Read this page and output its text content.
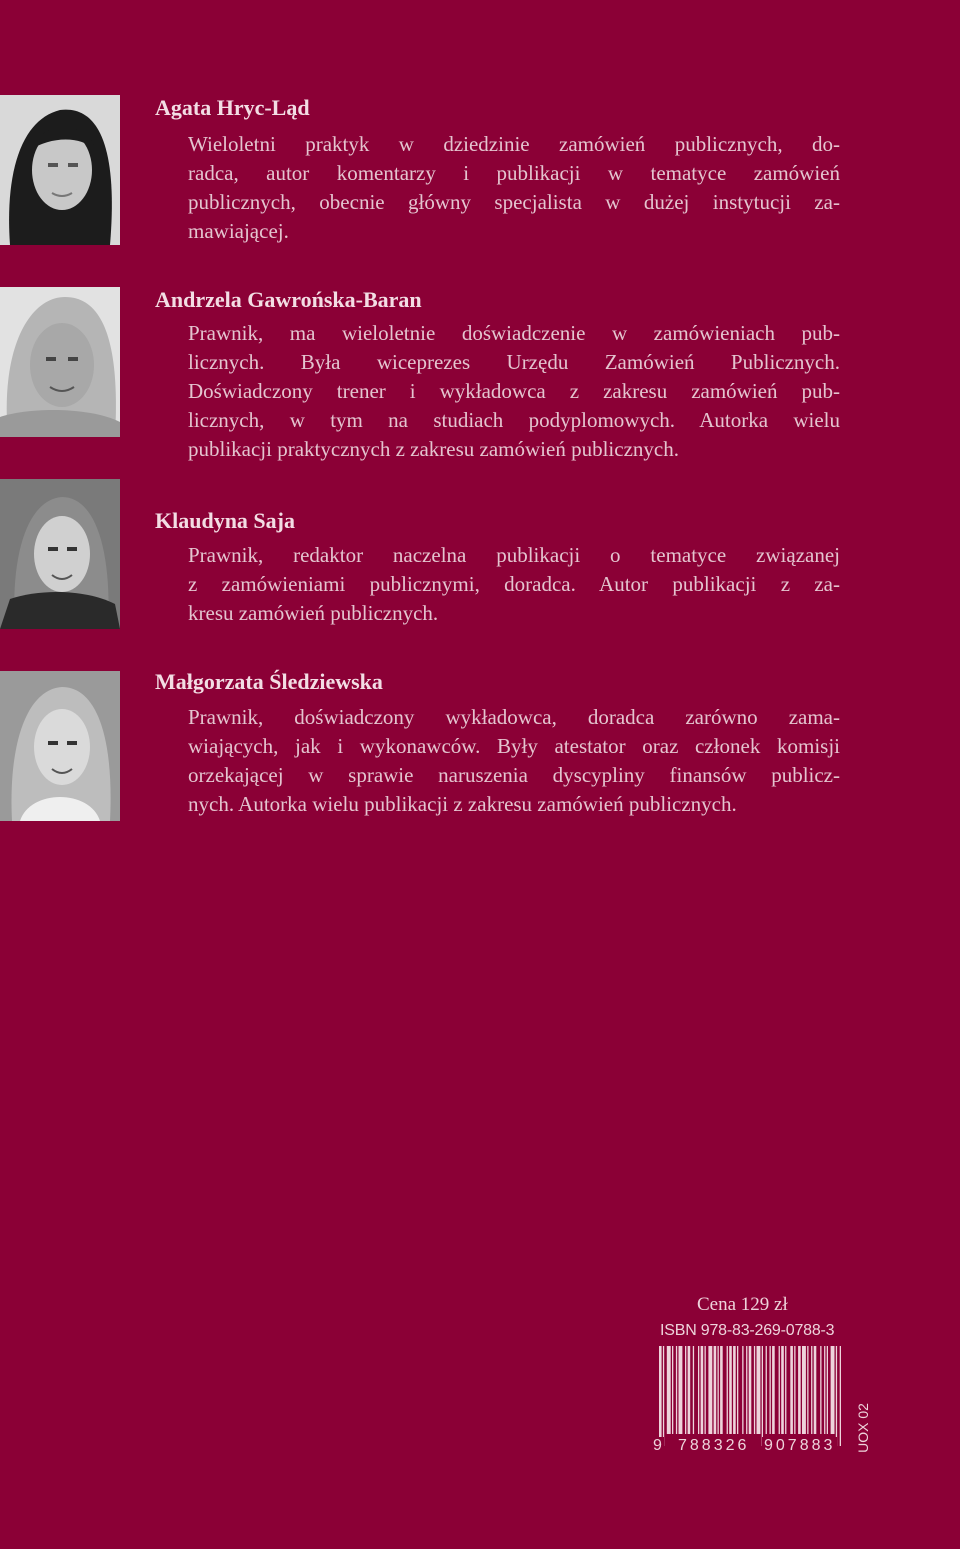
Agata Hryc-Ląd
Wieloletni praktyk w dziedzinie zamówień publicznych, do-
radca, autor komentarzy i publikacji w tematyce zamówień
publicznych, obecnie główny specjalista w dużej instytucji za-
mawiającej.
Andrzela Gawrońska-Baran
Prawnik, ma wieloletnie doświadczenie w zamówieniach pub-
licznych. Była wiceprezes Urzędu Zamówień Publicznych.
Doświadczony trener i wykładowca z zakresu zamówień pub-
licznych, w tym na studiach podyplomowych. Autorka wielu
publikacji praktycznych z zakresu zamówień publicznych.
Klaudyna Saja
Prawnik, redaktor naczelna publikacji o tematyce związanej
z zamówieniami publicznymi, doradca. Autor publikacji z za-
kresu zamówień publicznych.
Małgorzata Śledziewska
Prawnik, doświadczony wykładowca, doradca zarówno zama-
wiających, jak i wykonawców. Były atestator oraz członek komisji
orzekającej w sprawie naruszenia dyscypliny finansów publicz-
nych. Autorka wielu publikacji z zakresu zamówień publicznych.
Cena 129 zł
ISBN 978-83-269-0788-3
9 788326 907883 UOX 02
